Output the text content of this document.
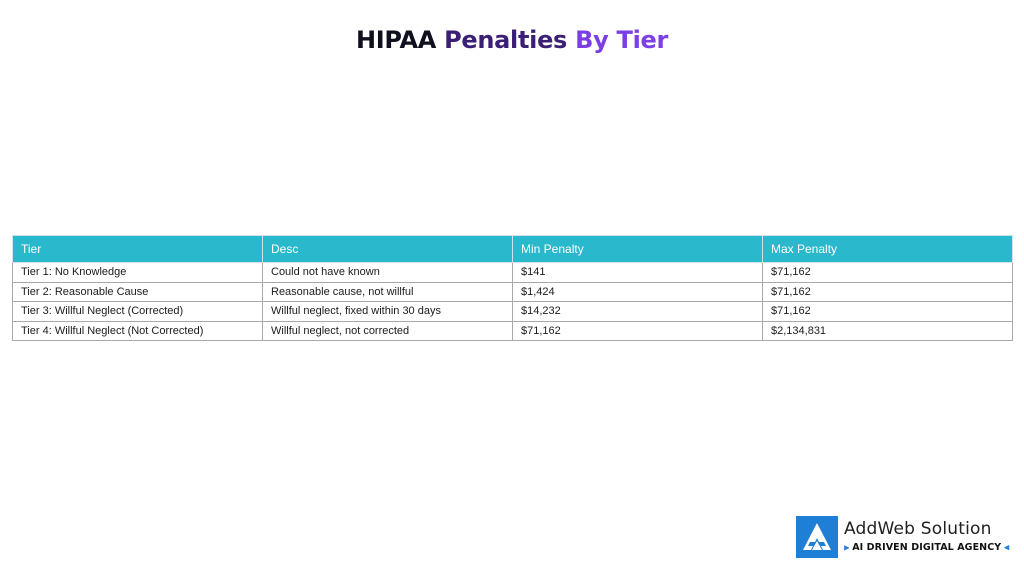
HIPAA Penalties By Tier
Tier	Desc	Min Penalty	Max Penalty
Tier 1: No Knowledge	Could not have known	$141	$71,162
Tier 2: Reasonable Cause	Reasonable cause, not willful	$1,424	$71,162
Tier 3: Willful Neglect (Corrected)	Willful neglect, fixed within 30 days	$14,232	$71,162
Tier 4: Willful Neglect (Not Corrected)	Willful neglect, not corrected	$71,162	$2,134,831
AddWeb Solution
⫸ AI DRIVEN DIGITAL AGENCY ⫷
